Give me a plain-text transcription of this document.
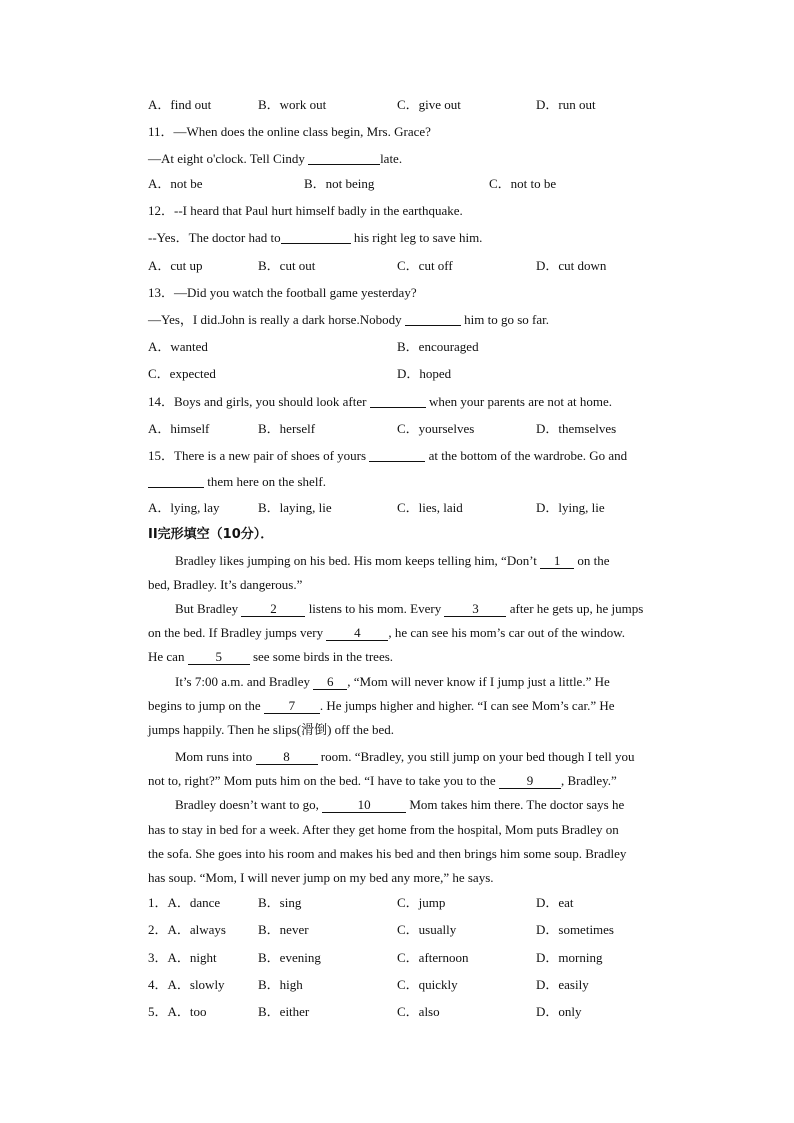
A．find out	B．work out	C．give out	D．run out
11．—When does the online class begin, Mrs. Grace?
—At eight o'clock. Tell Cindy	late.
A．not be	B．not being	C．not to be
12．--I heard that Paul hurt himself badly in the earthquake.
--Yes．The doctor had to	his right leg to save him.
A．cut up	B．cut out	C．cut off	D．cut down
13．—Did you watch the football game yesterday?
—Yes，I did.John is really a dark horse.Nobody	him to go so far.
A．wanted	B．encouraged
C．expected	D．hoped
14．Boys and girls, you should look after	when your parents are not at home.
A．himself	B．herself	C．yourselves	D．themselves
15．There is a new pair of shoes of yours	at the bottom of the wardrobe. Go and
them here on the shelf.
A．lying, lay	B．laying, lie	C．lies, laid	D．lying, lie
II完形填空（10分）．
Bradley likes jumping on his bed. His mom keeps telling him, “Don’t 1 on the
bed, Bradley. It’s dangerous.”
But Bradley 2 listens to his mom. Every 3 after he gets up, he jumps
on the bed. If Bradley jumps very 4 , he can see his mom’s car out of the window.
He can 5 see some birds in the trees.
It’s 7:00 a.m. and Bradley 6 , “Mom will never know if I jump just a little.” He
begins to jump on the 7 . He jumps higher and higher. “I can see Mom’s car.” He
jumps happily. Then he slips(滑倒) off the bed.
Mom runs into 8 room. “Bradley, you still jump on your bed though I tell you
not to, right?” Mom puts him on the bed. “I have to take you to the 9 , Bradley.”
Bradley doesn’t want to go,	10	Mom takes him there. The doctor says he
has to stay in bed for a week. After they get home from the hospital, Mom puts Bradley on
the sofa. She goes into his room and makes his bed and then brings him some soup. Bradley
has soup. “Mom, I will never jump on my bed any more,” he says.
1．A．dance	B．sing	C．jump	D．eat
2．A．always B．never	C．usually	D．sometimes
3．A．night	B．evening	C．afternoon	D．morning
4．A．slowly	B．high	C．quickly	D．easily
5．A．too	B．either	C．also	D．only
